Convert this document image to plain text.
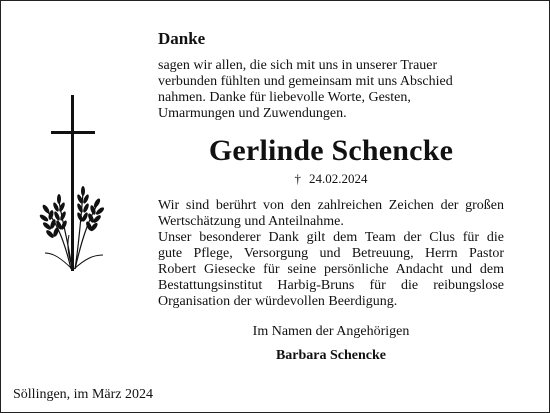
Danke

sagen wir allen, die sich mit uns in unserer Trauer
verbunden fühlten und gemeinsam mit uns Abschied
nahmen. Danke für liebevolle Worte, Gesten,
Umarmungen und Zuwendungen.

Gerlinde Schencke
† 24.02.2024

Wir sind berührt von den zahlreichen Zeichen der großen
Wertschätzung und Anteilnahme.
Unser besonderer Dank gilt dem Team der Clus für die
gute Pflege, Versorgung und Betreuung, Herrn Pastor
Robert Giesecke für seine persönliche Andacht und dem
Bestattungsinstitut Harbig-Bruns für die reibungslose
Organisation der würdevollen Beerdigung.

Im Namen der Angehörigen

Barbara Schencke

Söllingen, im März 2024
